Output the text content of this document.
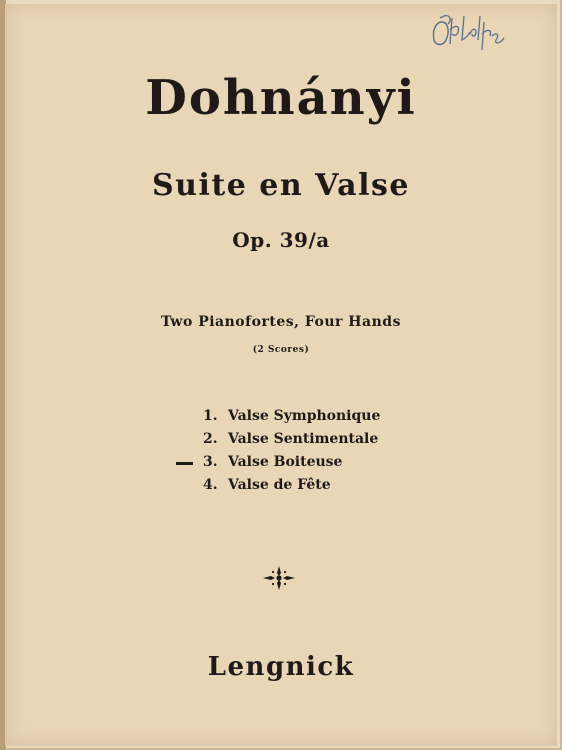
Dohnányi
Suite en Valse
Op. 39/a
Two Pianofortes, Four Hands
(2 Scores)
1. Valse Symphonique
2. Valse Sentimentale
3. Valse Boiteuse
4. Valse de Fête
Lengnick
